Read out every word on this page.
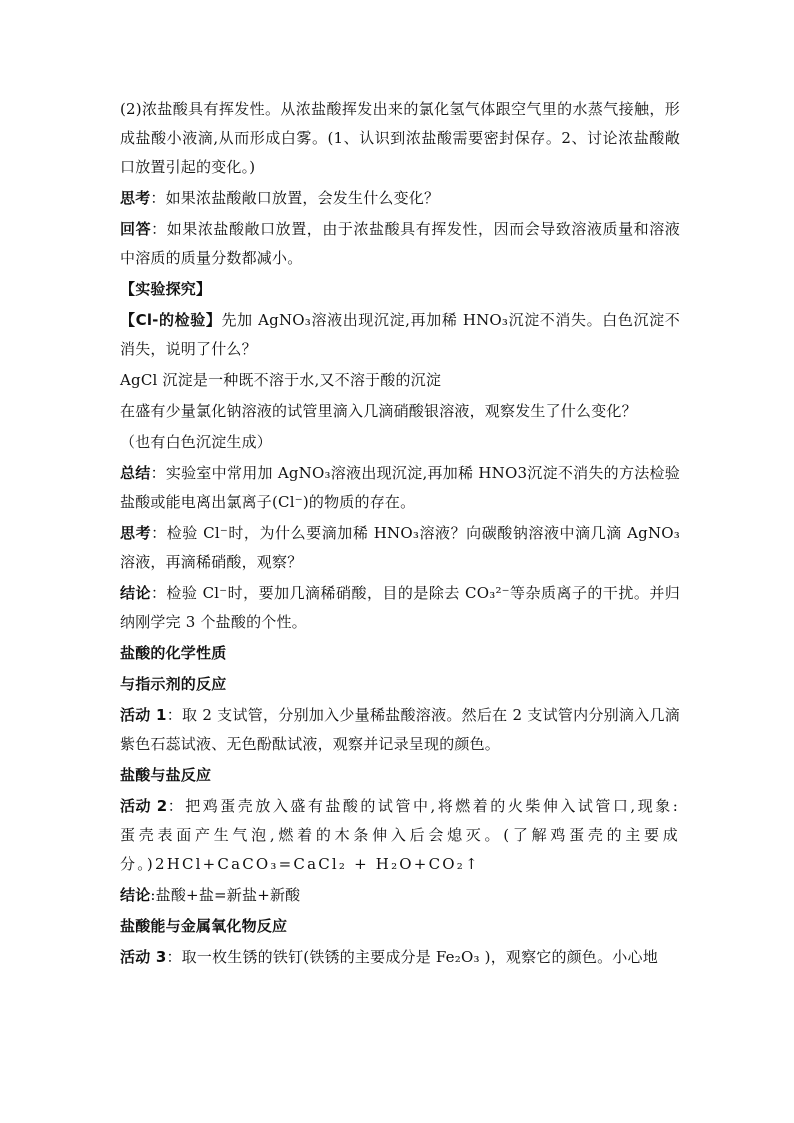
(2)浓盐酸具有挥发性。从浓盐酸挥发出来的氯化氢气体跟空气里的水蒸气接触，形成盐酸小液滴,从而形成白雾。(1、认识到浓盐酸需要密封保存。2、讨论浓盐酸敞口放置引起的变化。)

思考：如果浓盐酸敞口放置，会发生什么变化？

回答：如果浓盐酸敞口放置，由于浓盐酸具有挥发性，因而会导致溶液质量和溶液中溶质的质量分数都减小。

【实验探究】

【Cl-的检验】先加 AgNO₃溶液出现沉淀,再加稀 HNO₃沉淀不消失。白色沉淀不消失，说明了什么？

AgCl 沉淀是一种既不溶于水,又不溶于酸的沉淀

在盛有少量氯化钠溶液的试管里滴入几滴硝酸银溶液，观察发生了什么变化？

（也有白色沉淀生成）

总结：实验室中常用加 AgNO₃溶液出现沉淀,再加稀 HNO3沉淀不消失的方法检验盐酸或能电离出氯离子(Cl⁻)的物质的存在。

思考：检验 Cl⁻时，为什么要滴加稀 HNO₃溶液？向碳酸钠溶液中滴几滴 AgNO₃溶液，再滴稀硝酸，观察？

结论：检验 Cl⁻时，要加几滴稀硝酸，目的是除去 CO₃²⁻等杂质离子的干扰。并归纳刚学完 3 个盐酸的个性。

盐酸的化学性质

与指示剂的反应

活动 1：取 2 支试管，分别加入少量稀盐酸溶液。然后在 2 支试管内分别滴入几滴紫色石蕊试液、无色酚酞试液，观察并记录呈现的颜色。

盐酸与盐反应

活动 2：把鸡蛋壳放入盛有盐酸的试管中,将燃着的火柴伸入试管口,现象:蛋壳表面产生气泡,燃着的木条伸入后会熄灭。(了解鸡蛋壳的主要成分。)2HCl+CaCO₃=CaCl₂ + H₂O+CO₂↑

结论:盐酸+盐=新盐+新酸

盐酸能与金属氧化物反应

活动 3：取一枚生锈的铁钉(铁锈的主要成分是 Fe₂O₃ )，观察它的颜色。小心地
